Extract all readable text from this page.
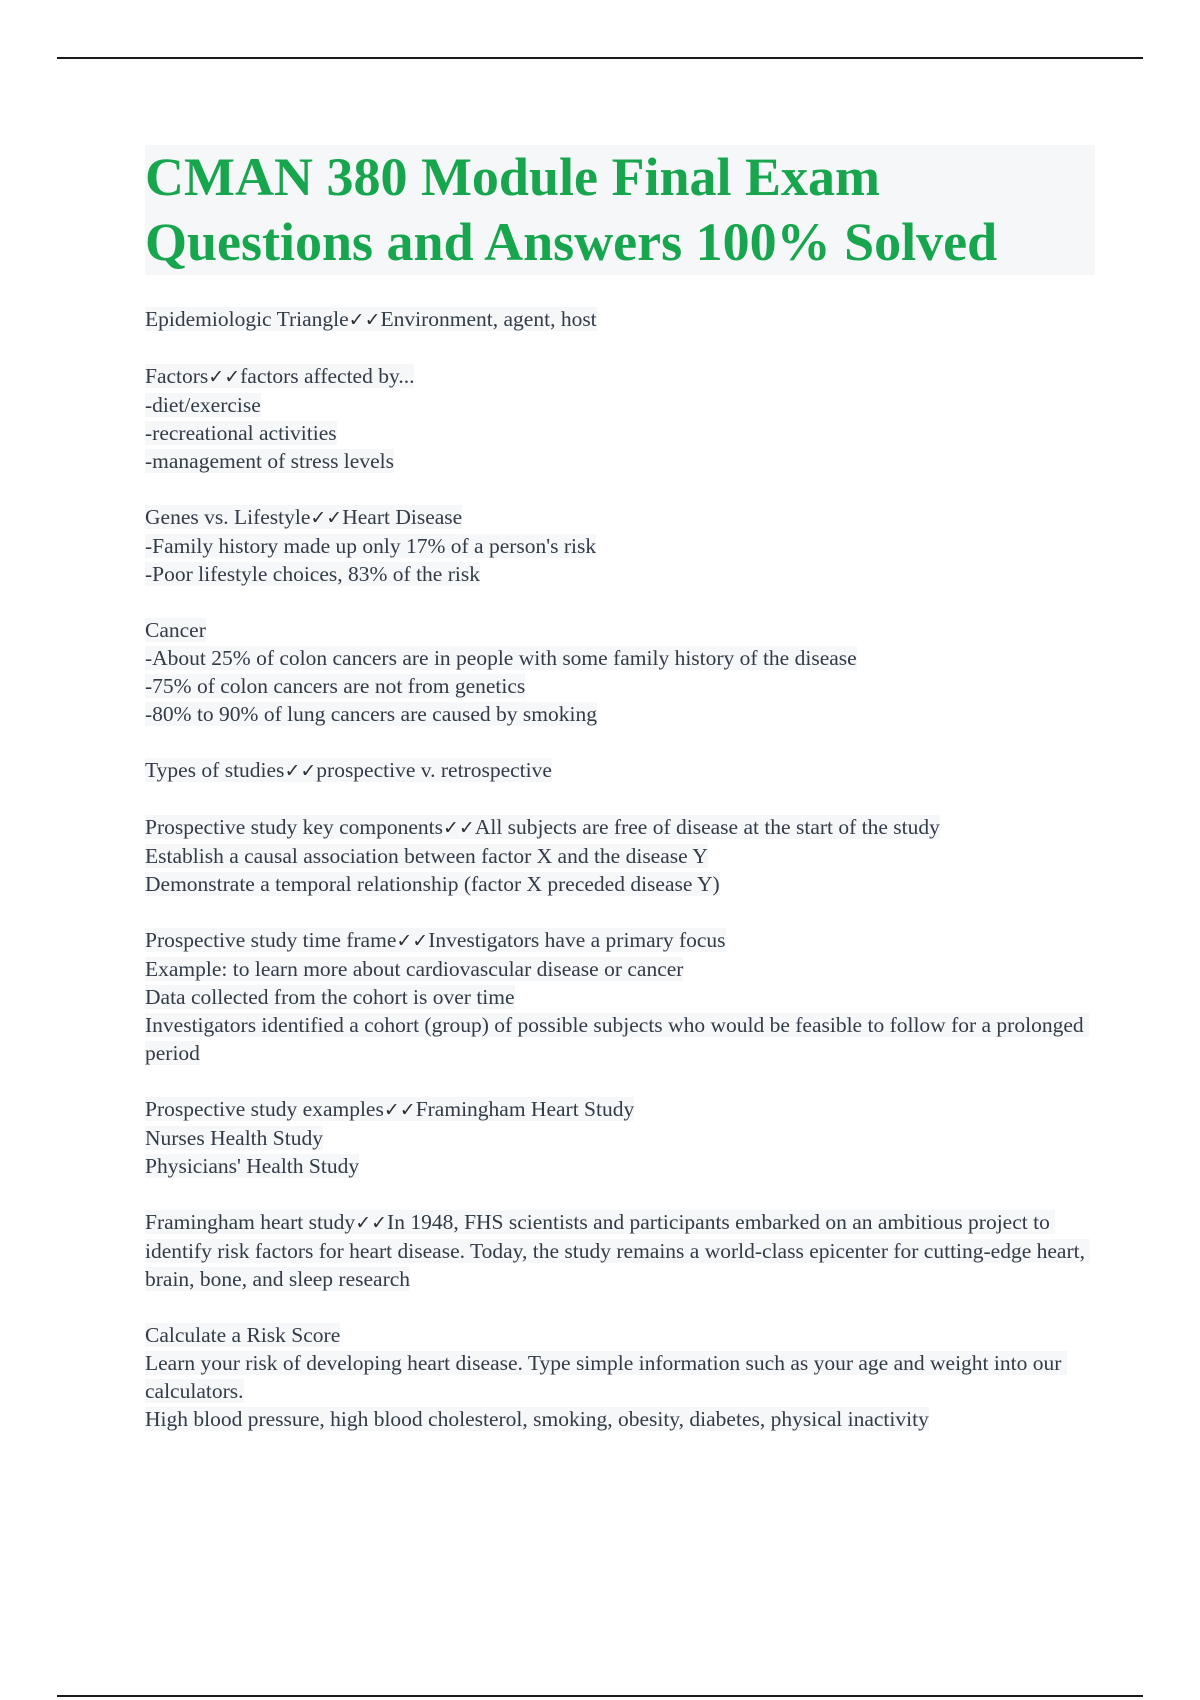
CMAN 380 Module Final Exam
Questions and Answers 100% Solved
Epidemiologic Triangle✓✓Environment, agent, host
Factors✓✓factors affected by...
-diet/exercise
-recreational activities
-management of stress levels
Genes vs. Lifestyle✓✓Heart Disease
-Family history made up only 17% of a person's risk
-Poor lifestyle choices, 83% of the risk
Cancer
-About 25% of colon cancers are in people with some family history of the disease
-75% of colon cancers are not from genetics
-80% to 90% of lung cancers are caused by smoking
Types of studies✓✓prospective v. retrospective
Prospective study key components✓✓All subjects are free of disease at the start of the study
Establish a causal association between factor X and the disease Y
Demonstrate a temporal relationship (factor X preceded disease Y)
Prospective study time frame✓✓Investigators have a primary focus
Example: to learn more about cardiovascular disease or cancer
Data collected from the cohort is over time
Investigators identified a cohort (group) of possible subjects who would be feasible to follow for a prolonged period
Prospective study examples✓✓Framingham Heart Study
Nurses Health Study
Physicians' Health Study
Framingham heart study✓✓In 1948, FHS scientists and participants embarked on an ambitious project to identify risk factors for heart disease. Today, the study remains a world-class epicenter for cutting-edge heart, brain, bone, and sleep research
Calculate a Risk Score
Learn your risk of developing heart disease. Type simple information such as your age and weight into our calculators.
High blood pressure, high blood cholesterol, smoking, obesity, diabetes, physical inactivity
